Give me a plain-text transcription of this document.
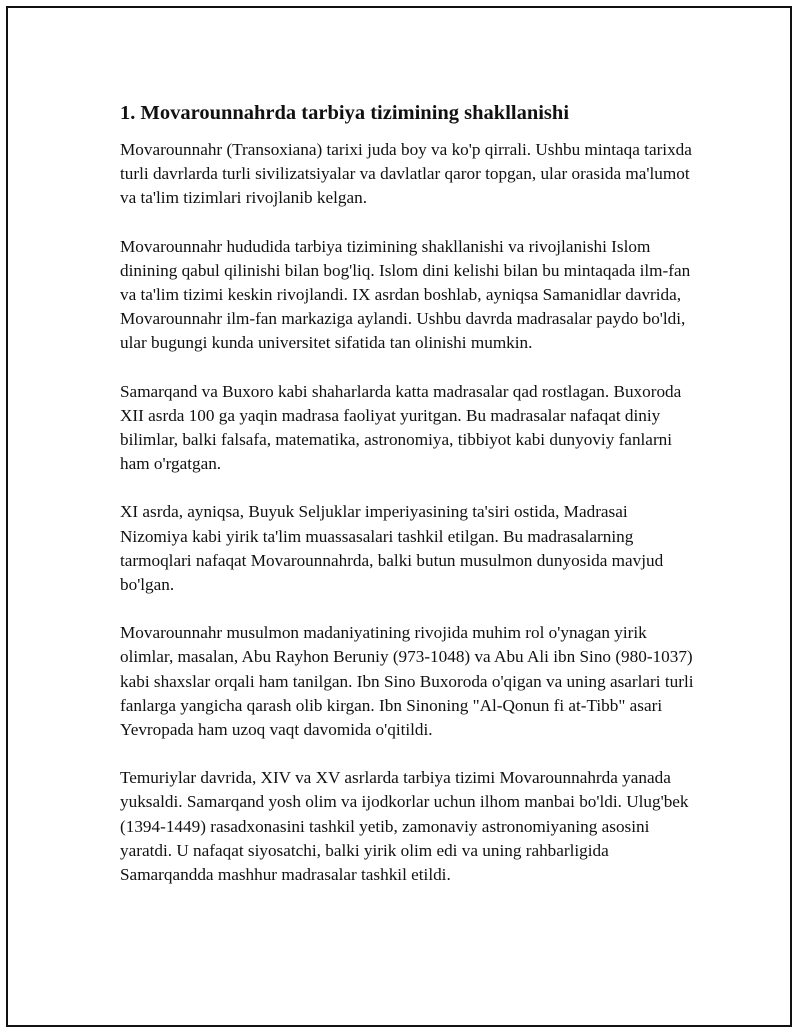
1. Movarounnahrda tarbiya tizimining shakllanishi

Movarounnahr (Transoxiana) tarixi juda boy va ko'p qirrali. Ushbu mintaqa tarixda turli davrlarda turli sivilizatsiyalar va davlatlar qaror topgan, ular orasida ma'lumot va ta'lim tizimlari rivojlanib kelgan.

Movarounnahr hududida tarbiya tizimining shakllanishi va rivojlanishi Islom dinining qabul qilinishi bilan bog'liq. Islom dini kelishi bilan bu mintaqada ilm-fan va ta'lim tizimi keskin rivojlandi. IX asrdan boshlab, ayniqsa Samanidlar davrida, Movarounnahr ilm-fan markaziga aylandi. Ushbu davrda madrasalar paydo bo'ldi, ular bugungi kunda universitet sifatida tan olinishi mumkin.

Samarqand va Buxoro kabi shaharlarda katta madrasalar qad rostlagan. Buxoroda XII asrda 100 ga yaqin madrasa faoliyat yuritgan. Bu madrasalar nafaqat diniy bilimlar, balki falsafa, matematika, astronomiya, tibbiyot kabi dunyoviy fanlarni ham o'rgatgan.

XI asrda, ayniqsa, Buyuk Seljuklar imperiyasining ta'siri ostida, Madrasai Nizomiya kabi yirik ta'lim muassasalari tashkil etilgan. Bu madrasalarning tarmoqlari nafaqat Movarounnahrda, balki butun musulmon dunyosida mavjud bo'lgan.

Movarounnahr musulmon madaniyatining rivojida muhim rol o'ynagan yirik olimlar, masalan, Abu Rayhon Beruniy (973-1048) va Abu Ali ibn Sino (980-1037) kabi shaxslar orqali ham tanilgan. Ibn Sino Buxoroda o'qigan va uning asarlari turli fanlarga yangicha qarash olib kirgan. Ibn Sinoning "Al-Qonun fi at-Tibb" asari Yevropada ham uzoq vaqt davomida o'qitildi.

Temuriylar davrida, XIV va XV asrlarda tarbiya tizimi Movarounnahrda yanada yuksaldi. Samarqand yosh olim va ijodkorlar uchun ilhom manbai bo'ldi. Ulug'bek (1394-1449) rasadxonasini tashkil yetib, zamonaviy astronomiyaning asosini yaratdi. U nafaqat siyosatchi, balki yirik olim edi va uning rahbarligida Samarqandda mashhur madrasalar tashkil etildi.
